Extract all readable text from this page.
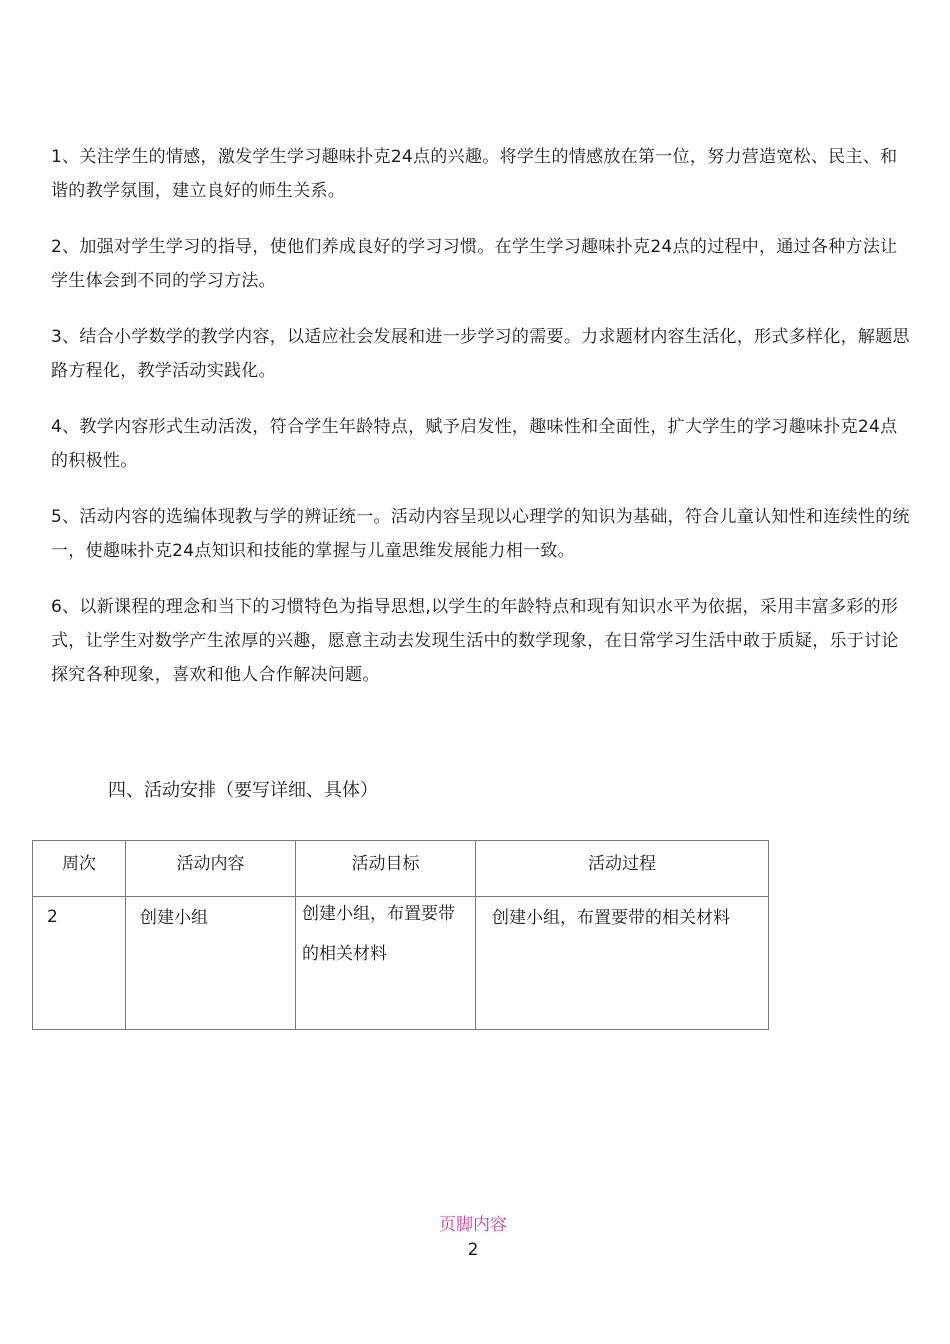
1、关注学生的情感，激发学生学习趣味扑克24点的兴趣。将学生的情感放在第一位，努力营造宽松、民主、和谐的教学氛围，建立良好的师生关系。

2、加强对学生学习的指导，使他们养成良好的学习习惯。在学生学习趣味扑克24点的过程中，通过各种方法让学生体会到不同的学习方法。

3、结合小学数学的教学内容，以适应社会发展和进一步学习的需要。力求题材内容生活化，形式多样化，解题思路方程化，教学活动实践化。

4、教学内容形式生动活泼，符合学生年龄特点，赋予启发性，趣味性和全面性，扩大学生的学习趣味扑克24点的积极性。

5、活动内容的选编体现教与学的辨证统一。活动内容呈现以心理学的知识为基础，符合儿童认知性和连续性的统一，使趣味扑克24点知识和技能的掌握与儿童思维发展能力相一致。

6、以新课程的理念和当下的习惯特色为指导思想,以学生的年龄特点和现有知识水平为依据，采用丰富多彩的形式，让学生对数学产生浓厚的兴趣，愿意主动去发现生活中的数学现象，在日常学习生活中敢于质疑，乐于讨论探究各种现象，喜欢和他人合作解决问题。

四、活动安排（要写详细、具体）
周次	活动内容	活动目标	活动过程
2	创建小组	创建小组，布置要带
的相关材料	创建小组，布置要带的相关材料
页脚内容
2
